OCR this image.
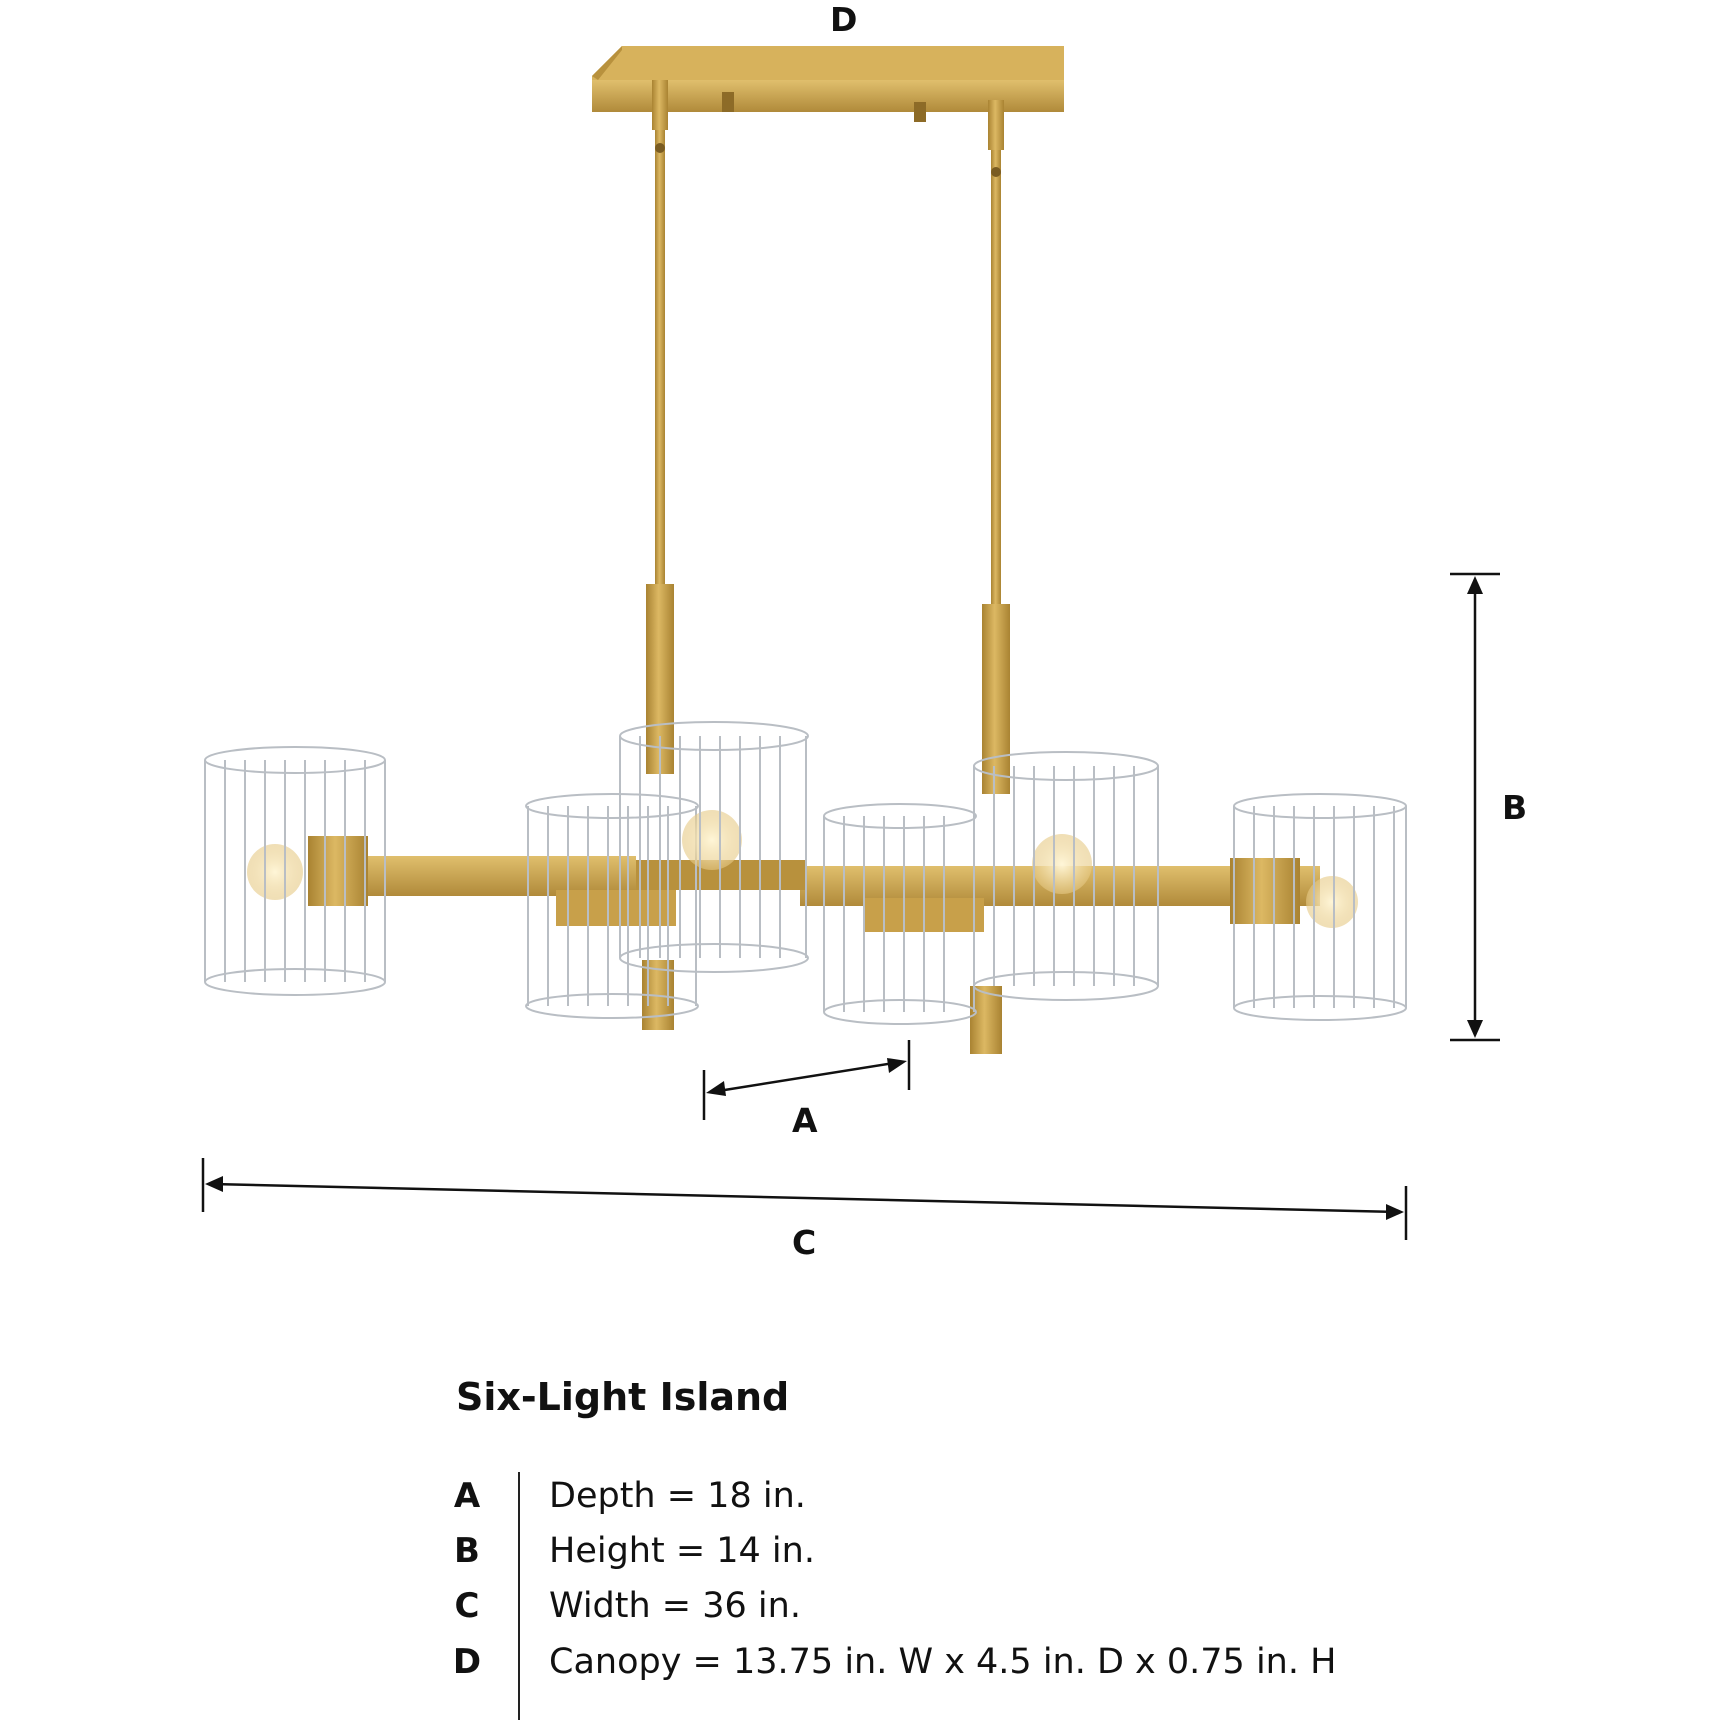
D
B
A
C
Six-Light Island
A Depth = 18 in.
B Height = 14 in.
C Width = 36 in.
D Canopy = 13.75 in. W x 4.5 in. D x 0.75 in. H
